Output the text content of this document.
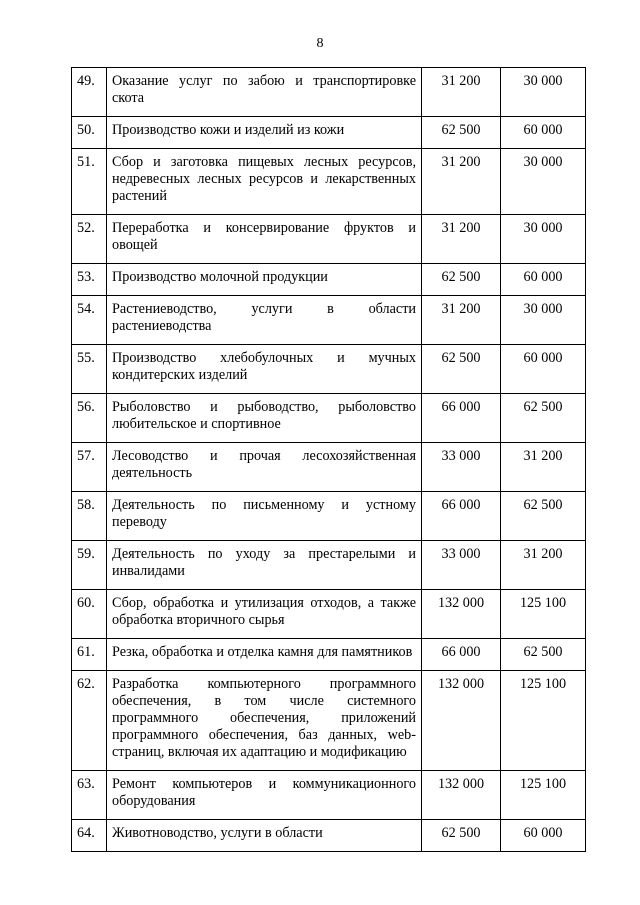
8
49.	Оказание услуг по забою и транспортировке скота	31 200	30 000
50.	Производство кожи и изделий из кожи	62 500	60 000
51.	Сбор и заготовка пищевых лесных ресурсов, недревесных лесных ресурсов и лекарственных растений	31 200	30 000
52.	Переработка и консервирование фруктов и овощей	31 200	30 000
53.	Производство молочной продукции	62 500	60 000
54.	Растениеводство, услуги в области растениеводства	31 200	30 000
55.	Производство хлебобулочных и мучных кондитерских изделий	62 500	60 000
56.	Рыболовство и рыбоводство, рыболовство любительское и спортивное	66 000	62 500
57.	Лесоводство и прочая лесохозяйственная деятельность	33 000	31 200
58.	Деятельность по письменному и устному переводу	66 000	62 500
59.	Деятельность по уходу за престарелыми и инвалидами	33 000	31 200
60.	Сбор, обработка и утилизация отходов, а также обработка вторичного сырья	132 000	125 100
61.	Резка, обработка и отделка камня для памятников	66 000	62 500
62.	Разработка компьютерного программного обеспечения, в том числе системного программного обеспечения, приложений программного обеспечения, баз данных, web-страниц, включая их адаптацию и модификацию	132 000	125 100
63.	Ремонт компьютеров и коммуникационного оборудования	132 000	125 100
64.	Животноводство, услуги в области	62 500	60 000
